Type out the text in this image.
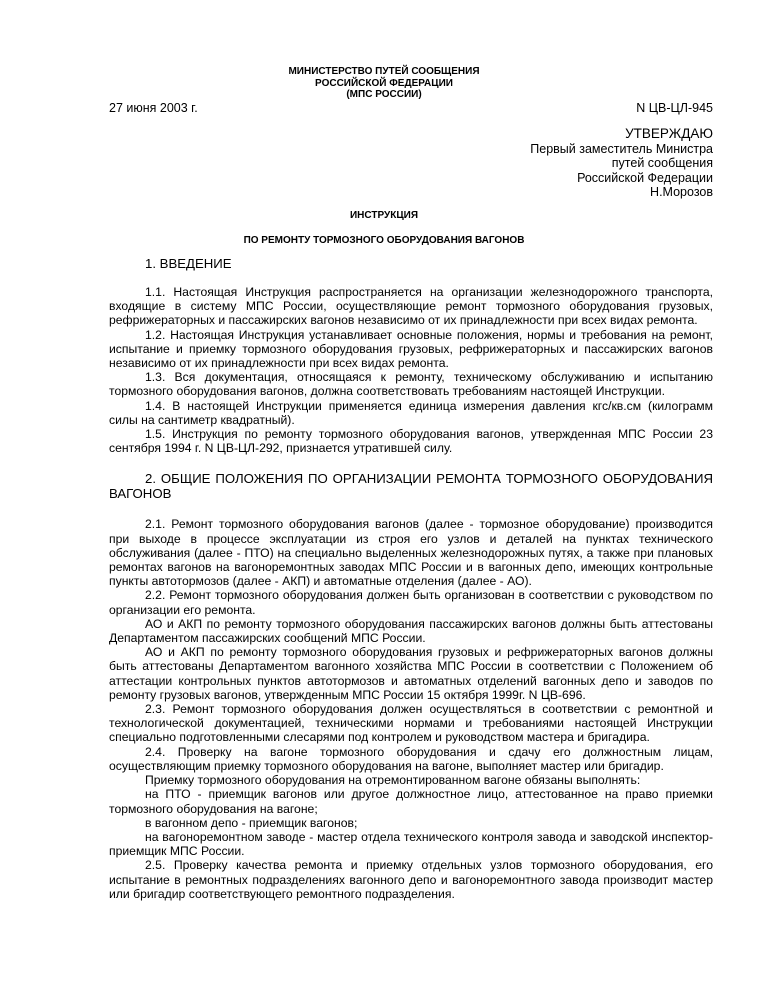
МИНИСТЕРСТВО ПУТЕЙ СООБЩЕНИЯ
РОССИЙСКОЙ ФЕДЕРАЦИИ
(МПС РОССИИ)
27 июня 2003 г.	N ЦВ-ЦЛ-945
УТВЕРЖДАЮ
Первый заместитель Министра
путей сообщения
Российской Федерации
Н.Морозов
ИНСТРУКЦИЯ
ПО РЕМОНТУ ТОРМОЗНОГО ОБОРУДОВАНИЯ ВАГОНОВ
1. ВВЕДЕНИЕ

1.1. Настоящая Инструкция распространяется на организации железнодорожного транспорта, входящие в систему МПС России, осуществляющие ремонт тормозного оборудования грузовых, рефрижераторных и пассажирских вагонов независимо от их принадлежности при всех видах ремонта.

1.2. Настоящая Инструкция устанавливает основные положения, нормы и требования на ремонт, испытание и приемку тормозного оборудования грузовых, рефрижераторных и пассажирских вагонов независимо от их принадлежности при всех видах ремонта.

1.3. Вся документация, относящаяся к ремонту, техническому обслуживанию и испытанию тормозного оборудования вагонов, должна соответствовать требованиям настоящей Инструкции.

1.4. В настоящей Инструкции применяется единица измерения давления кгс/кв.см (килограмм силы на сантиметр квадратный).

1.5. Инструкция по ремонту тормозного оборудования вагонов, утвержденная МПС России 23 сентября 1994 г. N ЦВ-ЦЛ-292, признается утратившей силу.

2. ОБЩИЕ ПОЛОЖЕНИЯ ПО ОРГАНИЗАЦИИ РЕМОНТА ТОРМОЗНОГО ОБОРУДОВАНИЯ ВАГОНОВ

2.1. Ремонт тормозного оборудования вагонов (далее - тормозное оборудование) производится при выходе в процессе эксплуатации из строя его узлов и деталей на пунктах технического обслуживания (далее - ПТО) на специально выделенных железнодорожных путях, а также при плановых ремонтах вагонов на вагоноремонтных заводах МПС России и в вагонных депо, имеющих контрольные пункты автотормозов (далее - АКП) и автоматные отделения (далее - АО).

2.2. Ремонт тормозного оборудования должен быть организован в соответствии с руководством по организации его ремонта.

АО и АКП по ремонту тормозного оборудования пассажирских вагонов должны быть аттестованы Департаментом пассажирских сообщений МПС России.

АО и АКП по ремонту тормозного оборудования грузовых и рефрижераторных вагонов должны быть аттестованы Департаментом вагонного хозяйства МПС России в соответствии с Положением об аттестации контрольных пунктов автотормозов и автоматных отделений вагонных депо и заводов по ремонту грузовых вагонов, утвержденным МПС России 15 октября 1999г. N ЦВ-696.

2.3. Ремонт тормозного оборудования должен осуществляться в соответствии с ремонтной и технологической документацией, техническими нормами и требованиями настоящей Инструкции специально подготовленными слесарями под контролем и руководством мастера и бригадира.

2.4. Проверку на вагоне тормозного оборудования и сдачу его должностным лицам, осуществляющим приемку тормозного оборудования на вагоне, выполняет мастер или бригадир.

Приемку тормозного оборудования на отремонтированном вагоне обязаны выполнять:

на ПТО - приемщик вагонов или другое должностное лицо, аттестованное на право приемки тормозного оборудования на вагоне;

в вагонном депо - приемщик вагонов;

на вагоноремонтном заводе - мастер отдела технического контроля завода и заводской инспектор-приемщик МПС России.

2.5. Проверку качества ремонта и приемку отдельных узлов тормозного оборудования, его испытание в ремонтных подразделениях вагонного депо и вагоноремонтного завода производит мастер или бригадир соответствующего ремонтного подразделения.
